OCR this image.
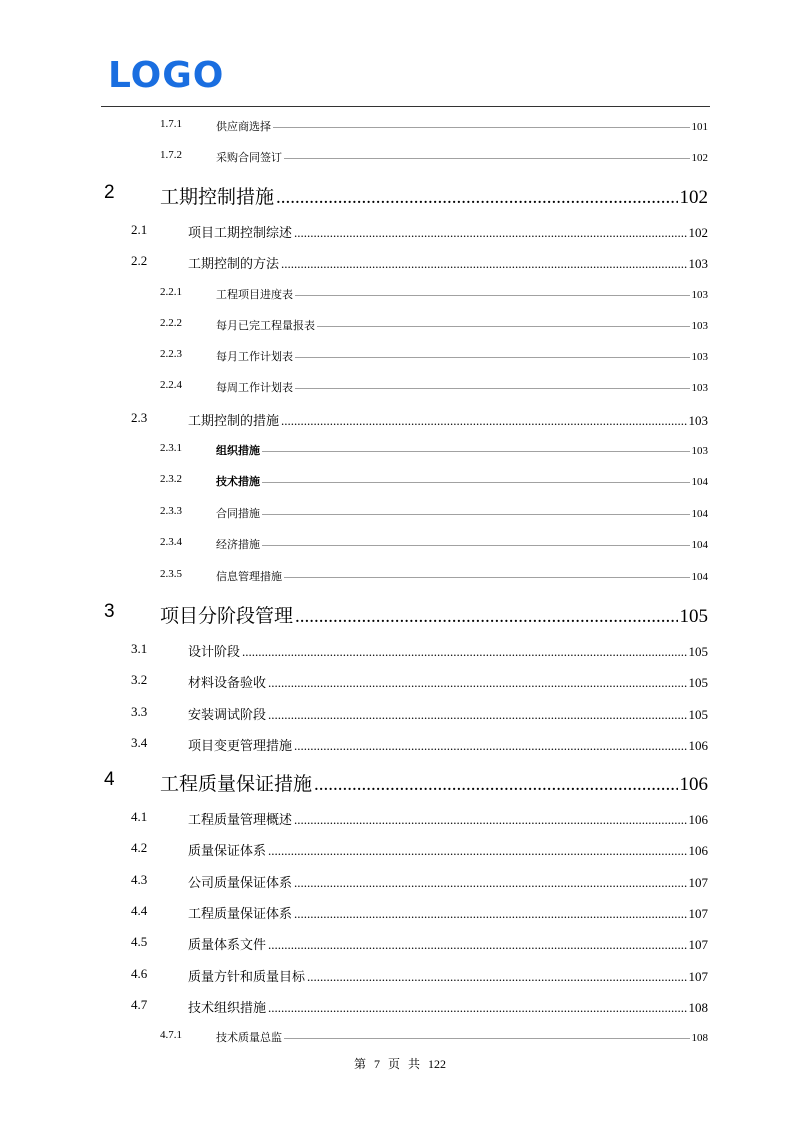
LOGO
1.7.1	供应商选择 .....	101
1.7.2	采购合同签订 .....	102
2 工期控制措施 .....	102
2.1	项目工期控制综述 .....	102
2.2	工期控制的方法 .....	103
2.2.1	工程项目进度表 .....	103
2.2.2	每月已完工程量报表 .....	103
2.2.3	每月工作计划表 .....	103
2.2.4	每周工作计划表 .....	103
2.3	工期控制的措施 .....	103
2.3.1	组织措施 .....	103
2.3.2	技术措施 .....	104
2.3.3	合同措施 .....	104
2.3.4	经济措施 .....	104
2.3.5	信息管理措施 .....	104
3 项目分阶段管理 .....	105
3.1	设计阶段 .....	105
3.2	材料设备验收 .....	105
3.3	安装调试阶段 .....	105
3.4	项目变更管理措施 .....	106
4 工程质量保证措施 .....	106
4.1	工程质量管理概述 .....	106
4.2	质量保证体系 .....	106
4.3	公司质量保证体系 .....	107
4.4	工程质量保证体系 .....	107
4.5	质量体系文件 .....	107
4.6	质量方针和质量目标 .....	107
4.7	技术组织措施 .....	108
4.7.1	技术质量总监 .....	108
第 7 页 共 122
